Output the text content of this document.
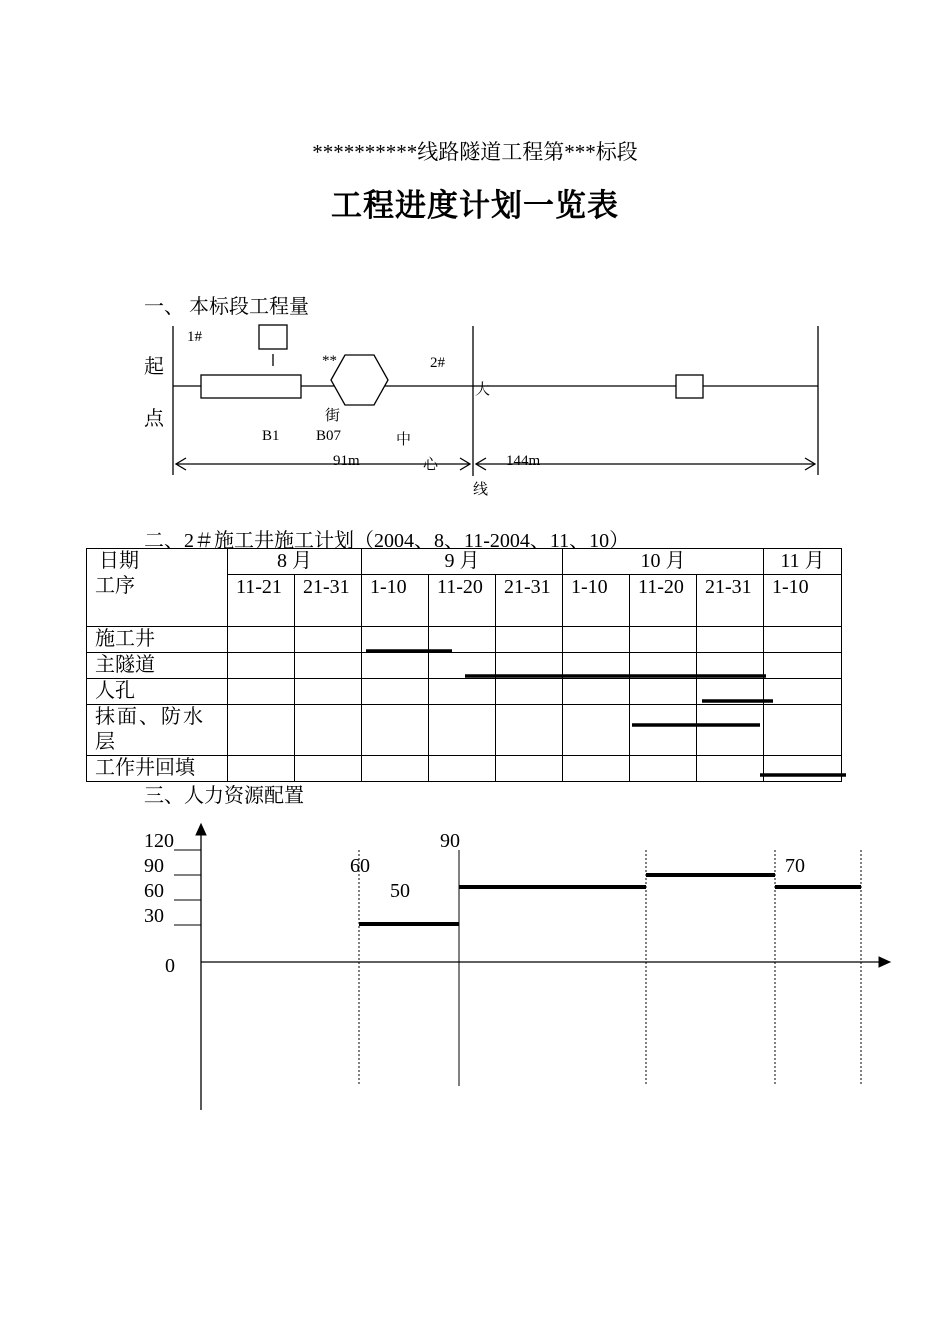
**********线路隧道工程第***标段
工程进度计划一览表
一、 本标段工程量
起
点
1#
**	2#
大
街
B1 B07	中
91m	心	144m
线
二、2＃施工井施工计划（2004、8、11-2004、11、10）
日期
工序	8 月		9 月			10 月			11 月
	11-21	21-31	1-10	11-20	21-31	1-10	11-20	21-31	1-10
施工井									
主隧道									
人孔									
抹面、防水层									
工作井回填									
三、人力资源配置
120
90
60
30
0
60
50
90
70
